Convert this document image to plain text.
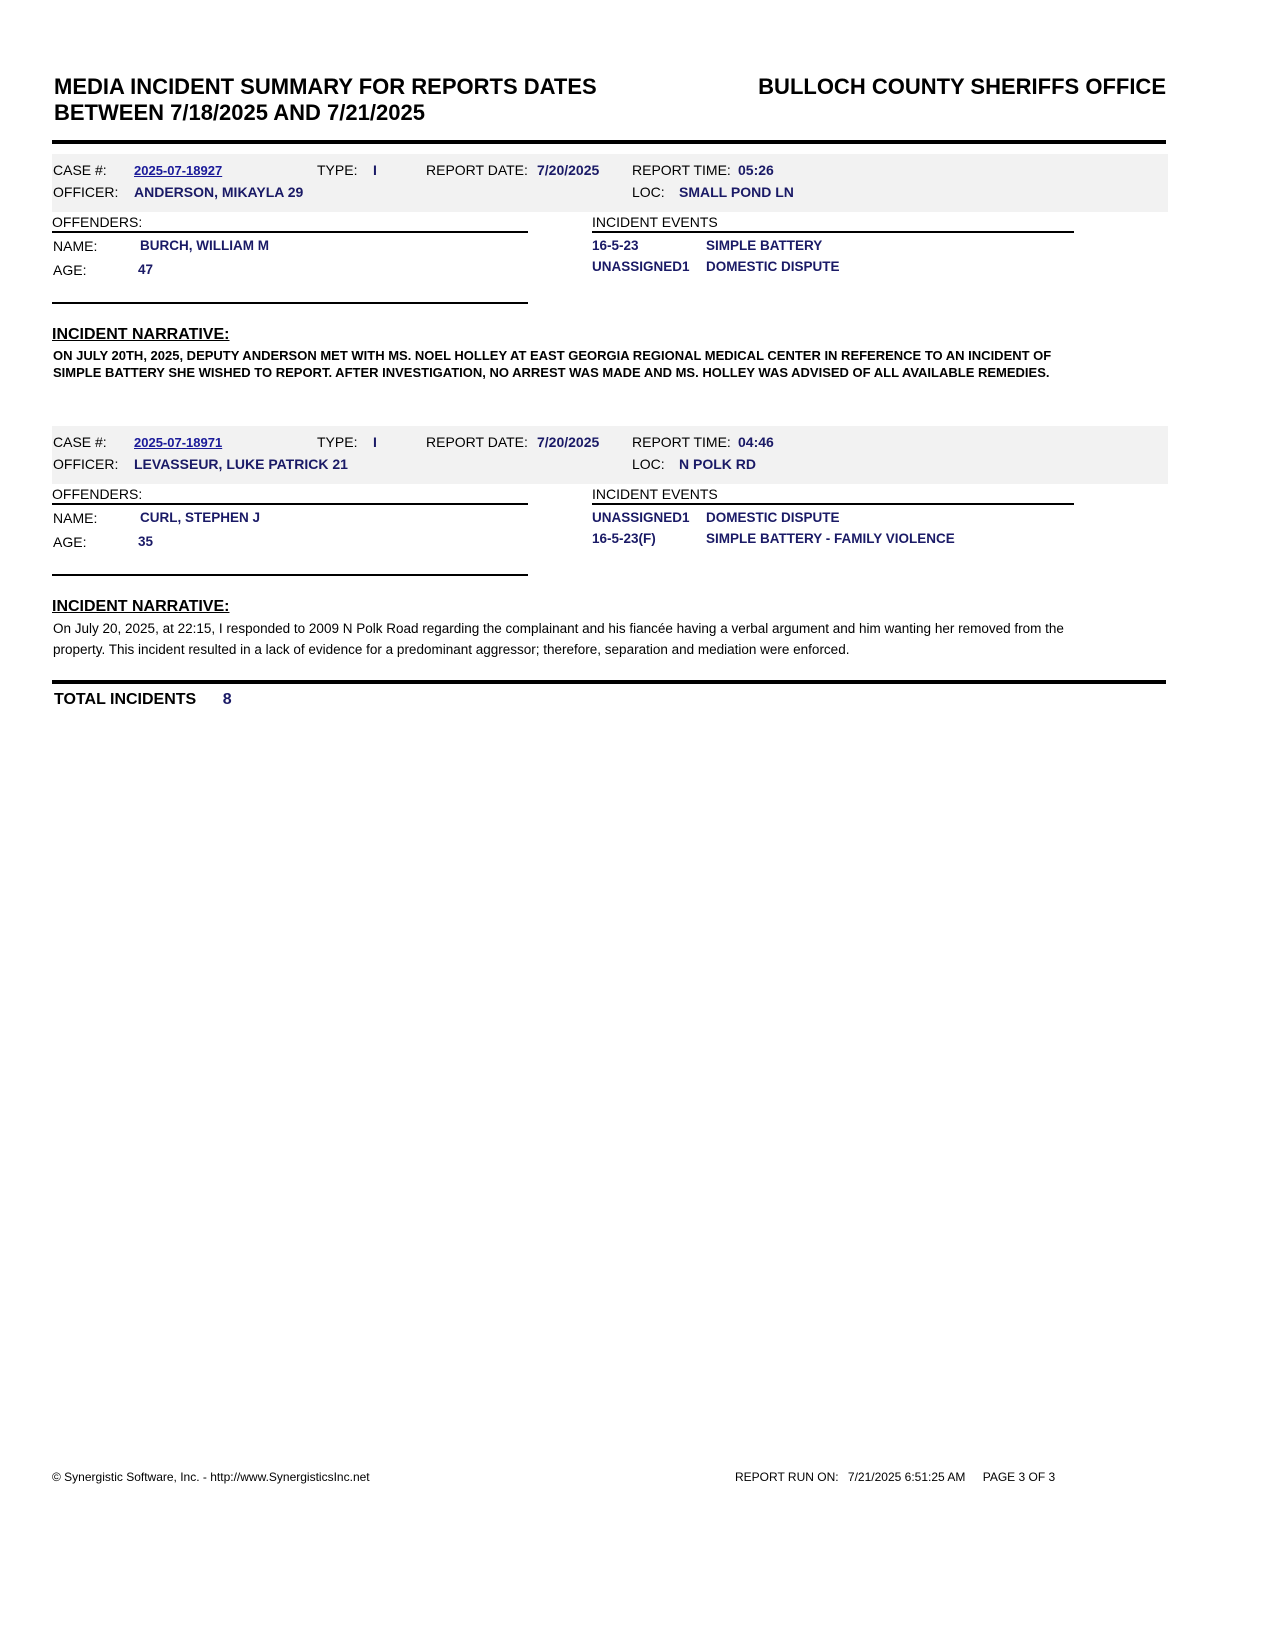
MEDIA INCIDENT SUMMARY FOR REPORTS DATES
BETWEEN 7/18/2025 AND 7/21/2025
BULLOCH COUNTY SHERIFFS OFFICE
CASE #: 2025-07-18927	TYPE: I	REPORT DATE: 7/20/2025 REPORT TIME: 05:26
OFFICER: ANDERSON, MIKAYLA 29	LOC: SMALL POND LN
OFFENDERS:
NAME:	BURCH, WILLIAM M
AGE:	47
INCIDENT EVENTS
16-5-23	SIMPLE BATTERY
UNASSIGNED1 DOMESTIC DISPUTE
INCIDENT NARRATIVE:
ON JULY 20TH, 2025, DEPUTY ANDERSON MET WITH MS. NOEL HOLLEY AT EAST GEORGIA REGIONAL MEDICAL CENTER IN REFERENCE TO AN INCIDENT OF SIMPLE BATTERY SHE WISHED TO REPORT. AFTER INVESTIGATION, NO ARREST WAS MADE AND MS. HOLLEY WAS ADVISED OF ALL AVAILABLE REMEDIES.
CASE #: 2025-07-18971	TYPE: I	REPORT DATE: 7/20/2025 REPORT TIME: 04:46
OFFICER: LEVASSEUR, LUKE PATRICK 21	LOC: N POLK RD
OFFENDERS:
NAME:	CURL, STEPHEN J
AGE:	35
INCIDENT EVENTS
UNASSIGNED1 DOMESTIC DISPUTE
16-5-23(F)	SIMPLE BATTERY - FAMILY VIOLENCE
INCIDENT NARRATIVE:
On July 20, 2025, at 22:15, I responded to 2009 N Polk Road regarding the complainant and his fiancée having a verbal argument and him wanting her removed from the property. This incident resulted in a lack of evidence for a predominant aggressor; therefore, separation and mediation were enforced.
TOTAL INCIDENTS 8
© Synergistic Software, Inc. - http://www.SynergisticsInc.net	REPORT RUN ON: 7/21/2025 6:51:25 AM PAGE 3 OF 3
